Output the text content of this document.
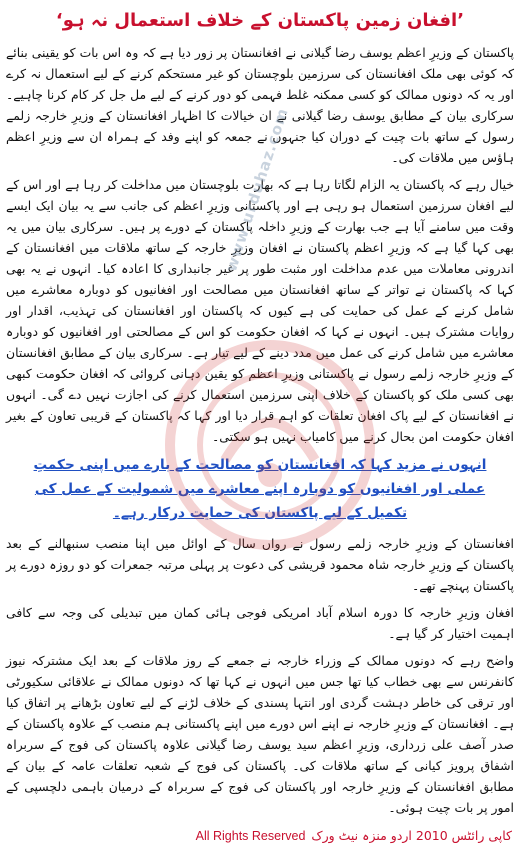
’افغان زمین پاکستان کے خلاف استعمال نہ ہو‘

پاکستان کے وزیرِ اعظم یوسف رضا گیلانی نے افغانستان پر زور دیا ہے کہ وہ اس بات کو یقینی بنائے کہ کوئی بھی ملک افغانستان کی سرزمین بلوچستان کو غیر مستحکم کرنے کے لیے استعمال نہ کرے اور یہ کہ دونوں ممالک کو کسی ممکنہ غلط فہمی کو دور کرنے کے لیے مل جل کر کام کرنا چاہیے۔ سرکاری بیان کے مطابق یوسف رضا گیلانی نے ان خیالات کا اظہار افغانستان کے وزیرِ خارجہ زلمے رسول کے ساتھ بات چیت کے دوران کیا جنہوں نے جمعہ کو اپنے وفد کے ہمراہ ان سے وزیرِ اعظم ہاؤس میں ملاقات کی۔

خیال رہے کہ پاکستان یہ الزام لگاتا رہا ہے کہ بھارت بلوچستان میں مداخلت کر رہا ہے اور اس کے لیے افغان سرزمین استعمال ہو رہی ہے اور پاکستانی وزیرِ اعظم کی جانب سے یہ بیان ایک ایسے وقت میں سامنے آیا ہے جب بھارت کے وزیرِ داخلہ پاکستان کے دورے پر ہیں۔ سرکاری بیان میں یہ بھی کہا گیا ہے کہ وزیرِ اعظم پاکستان نے افغان وزیرِ خارجہ کے ساتھ ملاقات میں افغانستان کے اندرونی معاملات میں عدم مداخلت اور مثبت طور پر غیر جانبداری کا اعادہ کیا۔ انہوں نے یہ بھی کہا کہ پاکستان نے تواتر کے ساتھ افغانستان میں مصالحت اور افغانیوں کو دوبارہ معاشرے میں شامل کرنے کے عمل کی حمایت کی ہے کیوں کہ پاکستان اور افغانستان کی تہذیب، اقدار اور روایات مشترک ہیں۔ انہوں نے کہا کہ افغان حکومت کو اس کے مصالحتی اور افغانیوں کو دوبارہ معاشرے میں شامل کرنے کی عمل میں مدد دینے کے لیے تیار ہے۔ سرکاری بیان کے مطابق افغانستان کے وزیرِ خارجہ زلمے رسول نے پاکستانی وزیرِ اعظم کو یقین دہانی کروائی کہ افغان حکومت کبھی بھی کسی ملک کو پاکستان کے خلاف اپنی سرزمین استعمال کرنے کی اجازت نہیں دے گی۔ انہوں نے افغانستان کے لیے پاک افغان تعلقات کو اہم قرار دیا اور کہا کہ پاکستان کے قریبی تعاون کے بغیر افغان حکومت امن بحال کرنے میں کامیاب نہیں ہو سکتی۔

انہوں نے مزید کہا کہ افغانستان کو مصالحت کے بارے میں اپنی حکمتِ عملی اور افغانیوں کو دوبارہ اپنے معاشرے میں شمولیت کے عمل کی تکمیل کے لیے پاکستان کی حمایت درکار رہے۔

افغانستان کے وزیرِ خارجہ زلمے رسول نے رواں سال کے اوائل میں اپنا منصب سنبھالنے کے بعد پاکستان کے وزیرِ خارجہ شاہ محمود قریشی کی دعوت پر پہلی مرتبہ جمعرات کو دو روزہ دورے پر پاکستان پہنچے تھے۔

افغان وزیرِ خارجہ کا دورہ اسلام آباد امریکی فوجی ہائی کمان میں تبدیلی کی وجہ سے کافی اہمیت اختیار کر گیا ہے۔

واضح رہے کہ دونوں ممالک کے وزراء خارجہ نے جمعے کے روز ملاقات کے بعد ایک مشترکہ نیوز کانفرنس سے بھی خطاب کیا تھا جس میں انہوں نے کہا تھا کہ دونوں ممالک نے علاقائی سکیورٹی اور ترقی کی خاطر دہشت گردی اور انتہا پسندی کے خلاف لڑنے کے لیے تعاون بڑھانے پر اتفاق کیا ہے۔ افغانستان کے وزیرِ خارجہ نے اپنے اس دورے میں اپنے پاکستانی ہم منصب کے علاوہ پاکستان کے صدر آصف علی زرداری، وزیرِ اعظم سید یوسف رضا گیلانی علاوہ پاکستان کی فوج کے سربراہ اشفاق پرویز کیانی کے ساتھ ملاقات کی۔ پاکستان کی فوج کے شعبہ تعلقات عامہ کے بیان کے مطابق افغانستان کے وزیرِ خارجہ اور پاکستان کی فوج کے سربراہ کے درمیان باہمی دلچسپی کے امور پر بات چیت ہوئی۔

www.urduhaz.com
کاپی رائٹس 2010 اردو منزہ نیٹ ورک
All Rights Reserved
